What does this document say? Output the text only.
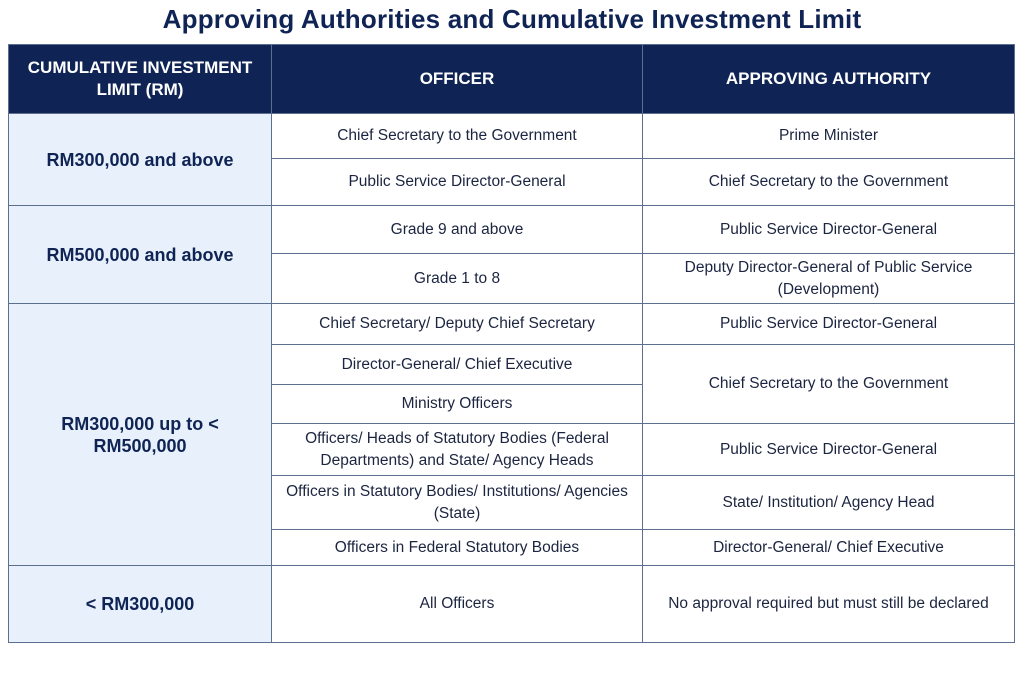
Approving Authorities and Cumulative Investment Limit
CUMULATIVE INVESTMENT LIMIT (RM)	OFFICER	APPROVING AUTHORITY
RM300,000 and above	Chief Secretary to the Government	Prime Minister
	Public Service Director-General	Chief Secretary to the Government
RM500,000 and above	Grade 9 and above	Public Service Director-General
	Grade 1 to 8	Deputy Director-General of Public Service (Development)
RM300,000 up to < RM500,000	Chief Secretary/ Deputy Chief Secretary	Public Service Director-General
	Director-General/ Chief Executive	Chief Secretary to the Government
	Ministry Officers	
	Officers/ Heads of Statutory Bodies (Federal Departments) and State/ Agency Heads	Public Service Director-General
	Officers in Statutory Bodies/ Institutions/ Agencies (State)	State/ Institution/ Agency Head
	Officers in Federal Statutory Bodies	Director-General/ Chief Executive
< RM300,000	All Officers	No approval required but must still be declared
